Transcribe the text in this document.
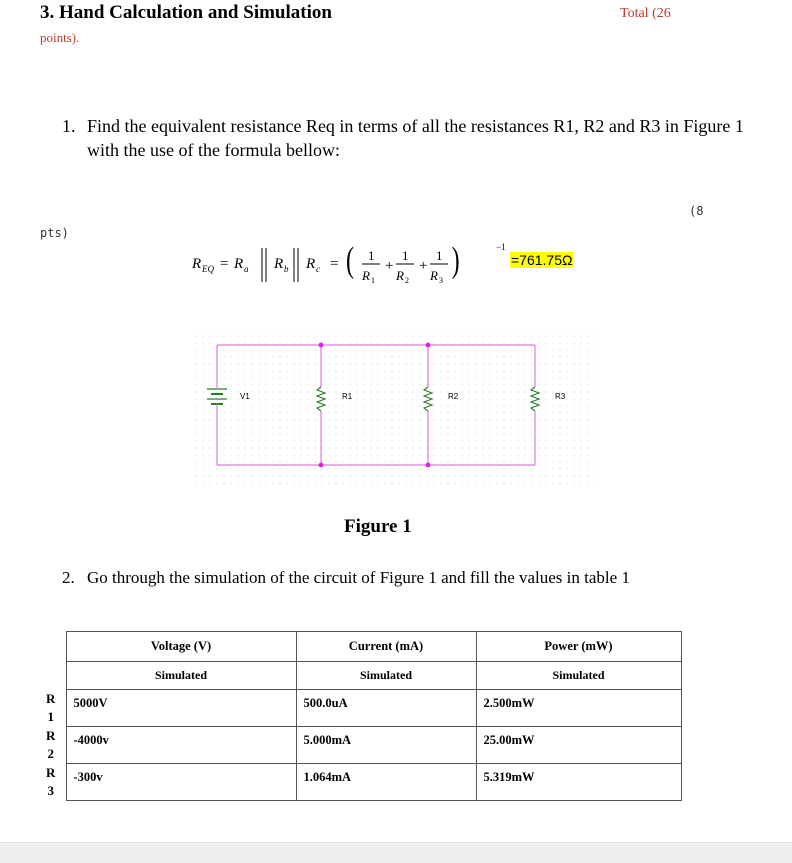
3. Hand Calculation and Simulation	Total (26
points).
1. Find the equivalent resistance Req in terms of all the resistances R1, R2 and R3 in Figure 1 with the use of the formula bellow:
(8
pts)
R EQ = R a R b R c = ( 1
R 1
+
1
R 2
+
1
R 3
)	−1
=761.75Ω
V1	R1	R2	R3
Figure 1
2. Go through the simulation of the circuit of Figure 1 and fill the values in table 1
	Voltage (V)	Current (mA)	Power (mW)
	Simulated	Simulated	Simulated

R
1	5000V	500.0uA	2.500mW

R
2	-4000v	5.000mA	25.00mW

R
3	-300v	1.064mA	5.319mW
